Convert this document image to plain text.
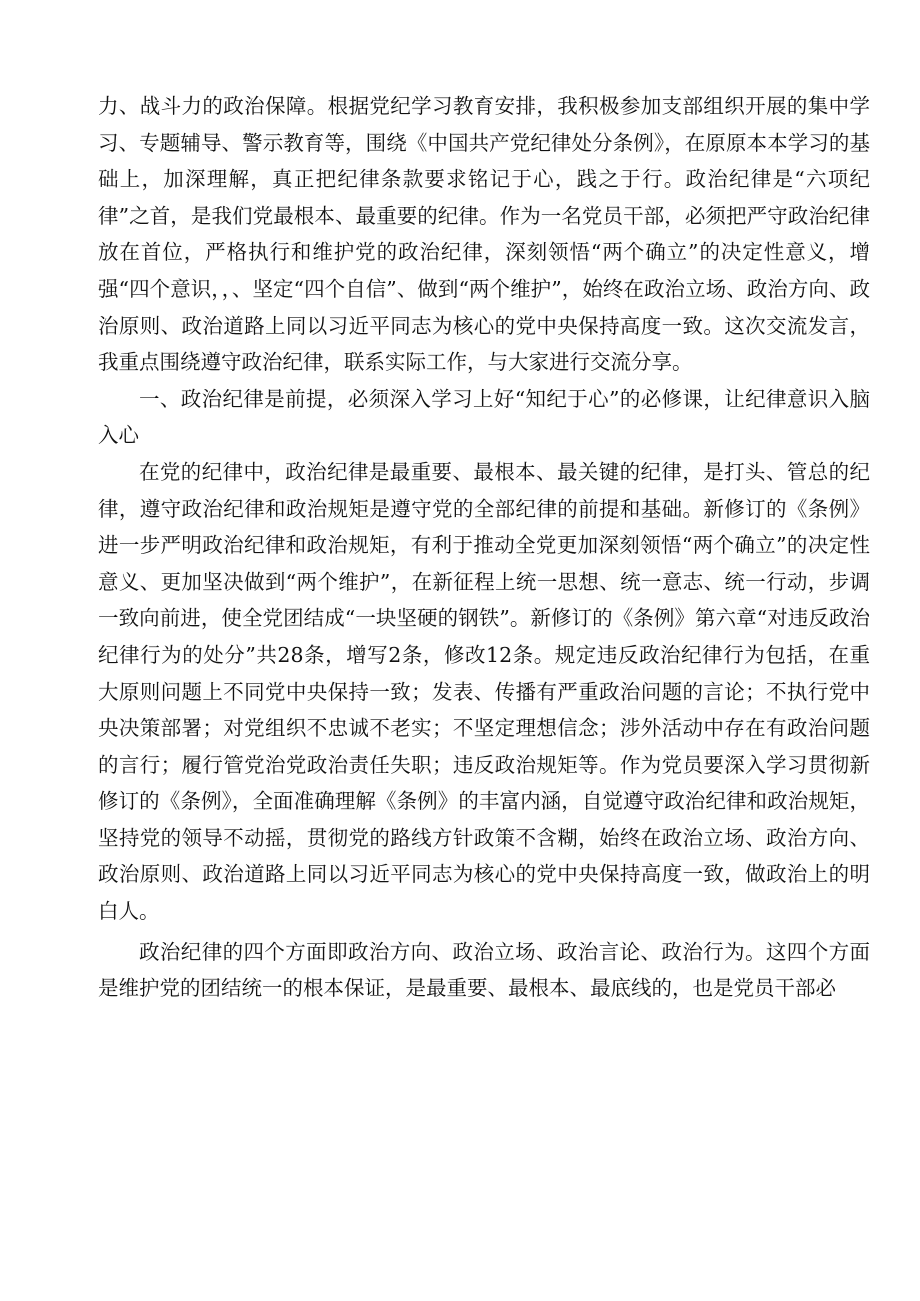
力、战斗力的政治保障。根据党纪学习教育安排，我积极参加支部组织开展的集中学习、专题辅导、警示教育等，围绕《中国共产党纪律处分条例》，在原原本本学习的基础上，加深理解，真正把纪律条款要求铭记于心，践之于行。政治纪律是“六项纪律”之首，是我们党最根本、最重要的纪律。作为一名党员干部，必须把严守政治纪律放在首位，严格执行和维护党的政治纪律，深刻领悟“两个确立”的决定性意义，增强“四个意识，，、坚定“四个自信”、做到“两个维护”，始终在政治立场、政治方向、政治原则、政治道路上同以习近平同志为核心的党中央保持高度一致。这次交流发言，我重点围绕遵守政治纪律，联系实际工作，与大家进行交流分享。

一、政治纪律是前提，必须深入学习上好“知纪于心”的必修课，让纪律意识入脑入心

在党的纪律中，政治纪律是最重要、最根本、最关键的纪律，是打头、管总的纪律，遵守政治纪律和政治规矩是遵守党的全部纪律的前提和基础。新修订的《条例》进一步严明政治纪律和政治规矩，有利于推动全党更加深刻领悟“两个确立”的决定性意义、更加坚决做到“两个维护”，在新征程上统一思想、统一意志、统一行动，步调一致向前进，使全党团结成“一块坚硬的钢铁”。新修订的《条例》第六章“对违反政治纪律行为的处分”共28条，增写2条，修改12条。规定违反政治纪律行为包括，在重大原则问题上不同党中央保持一致；发表、传播有严重政治问题的言论；不执行党中央决策部署；对党组织不忠诚不老实；不坚定理想信念；涉外活动中存在有政治问题的言行；履行管党治党政治责任失职；违反政治规矩等。作为党员要深入学习贯彻新修订的《条例》，全面准确理解《条例》的丰富内涵，自觉遵守政治纪律和政治规矩，坚持党的领导不动摇，贯彻党的路线方针政策不含糊，始终在政治立场、政治方向、政治原则、政治道路上同以习近平同志为核心的党中央保持高度一致，做政治上的明白人。

政治纪律的四个方面即政治方向、政治立场、政治言论、政治行为。这四个方面是维护党的团结统一的根本保证，是最重要、最根本、最底线的，也是党员干部必
